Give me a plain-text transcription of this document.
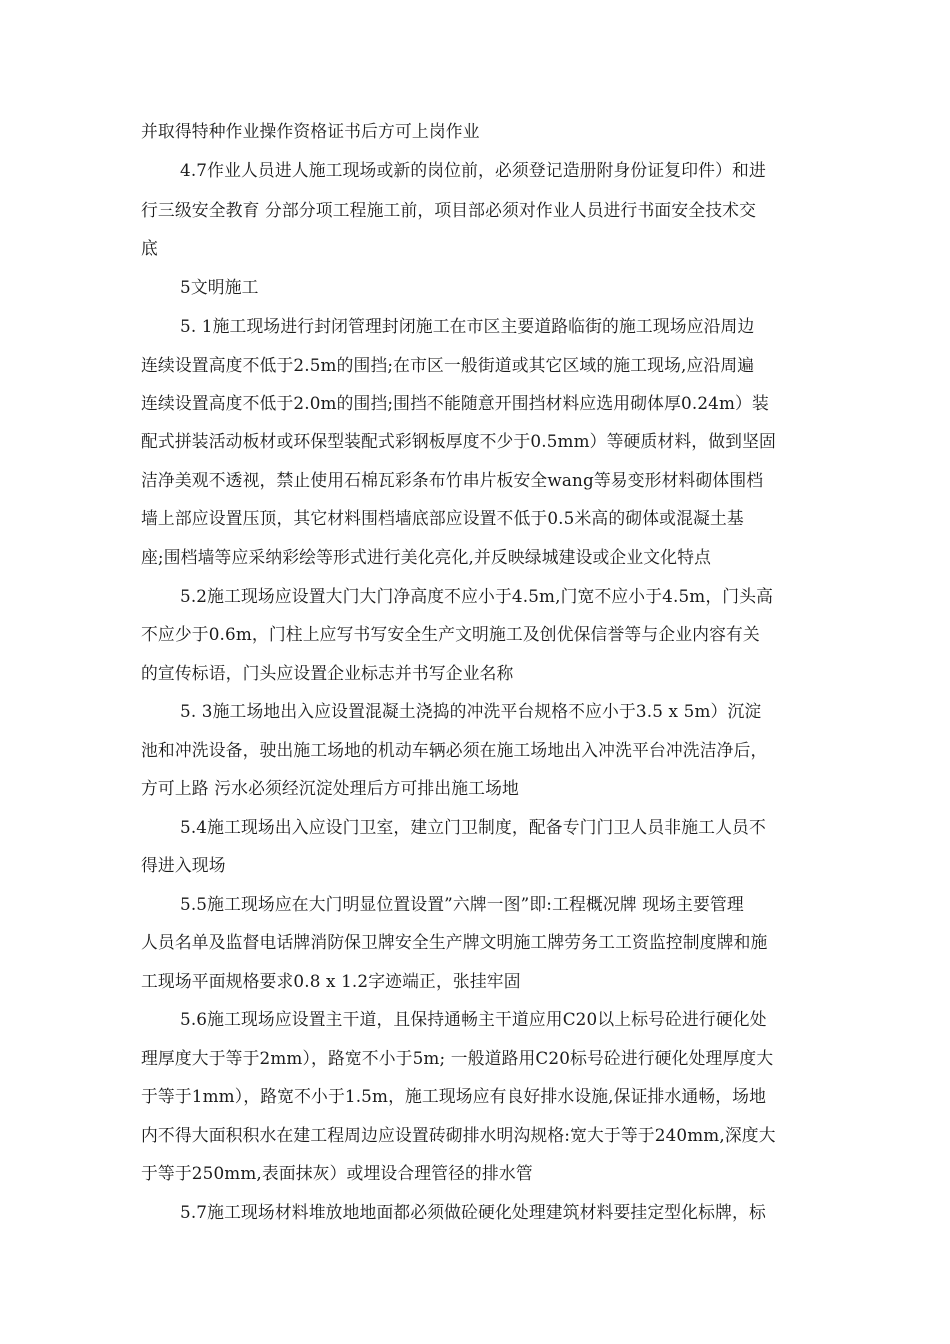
并取得特种作业操作资格证书后方可上岗作业
4.7作业人员进人施工现场或新的岗位前，必须登记造册附身份证复印件）和进
行三级安全教育 分部分项工程施工前，项目部必须对作业人员进行书面安全技术交
底
5文明施工
5. 1施工现场进行封闭管理封闭施工在市区主要道路临街的施工现场应沿周边
连续设置高度不低于2.5m的围挡;在市区一般街道或其它区域的施工现场,应沿周遍
连续设置高度不低于2.0m的围挡;围挡不能随意开围挡材料应选用砌体厚0.24m）装
配式拼装活动板材或环保型装配式彩钢板厚度不少于0.5mm）等硬质材料，做到坚固
洁净美观不透视，禁止使用石棉瓦彩条布竹串片板安全wang等易变形材料砌体围档
墙上部应设置压顶，其它材料围档墙底部应设置不低于0.5米高的砌体或混凝土基
座;围档墙等应采纳彩绘等形式进行美化亮化,并反映绿城建设或企业文化特点
5.2施工现场应设置大门大门净高度不应小于4.5m,门宽不应小于4.5m，门头高
不应少于0.6m，门柱上应写书写安全生产文明施工及创优保信誉等与企业内容有关
的宣传标语，门头应设置企业标志并书写企业名称
5. 3施工场地出入应设置混凝土浇捣的冲洗平台规格不应小于3.5 x 5m）沉淀
池和冲洗设备，驶出施工场地的机动车辆必须在施工场地出入冲洗平台冲洗洁净后，
方可上路 污水必须经沉淀处理后方可排出施工场地
5.4施工现场出入应设门卫室，建立门卫制度，配备专门门卫人员非施工人员不
得进入现场
5.5施工现场应在大门明显位置设置”六牌一图”即:工程概况牌 现场主要管理
人员名单及监督电话牌消防保卫牌安全生产牌文明施工牌劳务工工资监控制度牌和施
工现场平面规格要求0.8 x 1.2字迹端正，张挂牢固
5.6施工现场应设置主干道，且保持通畅主干道应用C20以上标号砼进行硬化处
理厚度大于等于2mm），路宽不小于5m; 一般道路用C20标号砼进行硬化处理厚度大
于等于1mm），路宽不小于1.5m，施工现场应有良好排水设施,保证排水通畅，场地
内不得大面积积水在建工程周边应设置砖砌排水明沟规格:宽大于等于240mm,深度大
于等于250mm,表面抹灰）或埋设合理管径的排水管
5.7施工现场材料堆放地地面都必须做砼硬化处理建筑材料要挂定型化标牌，标
